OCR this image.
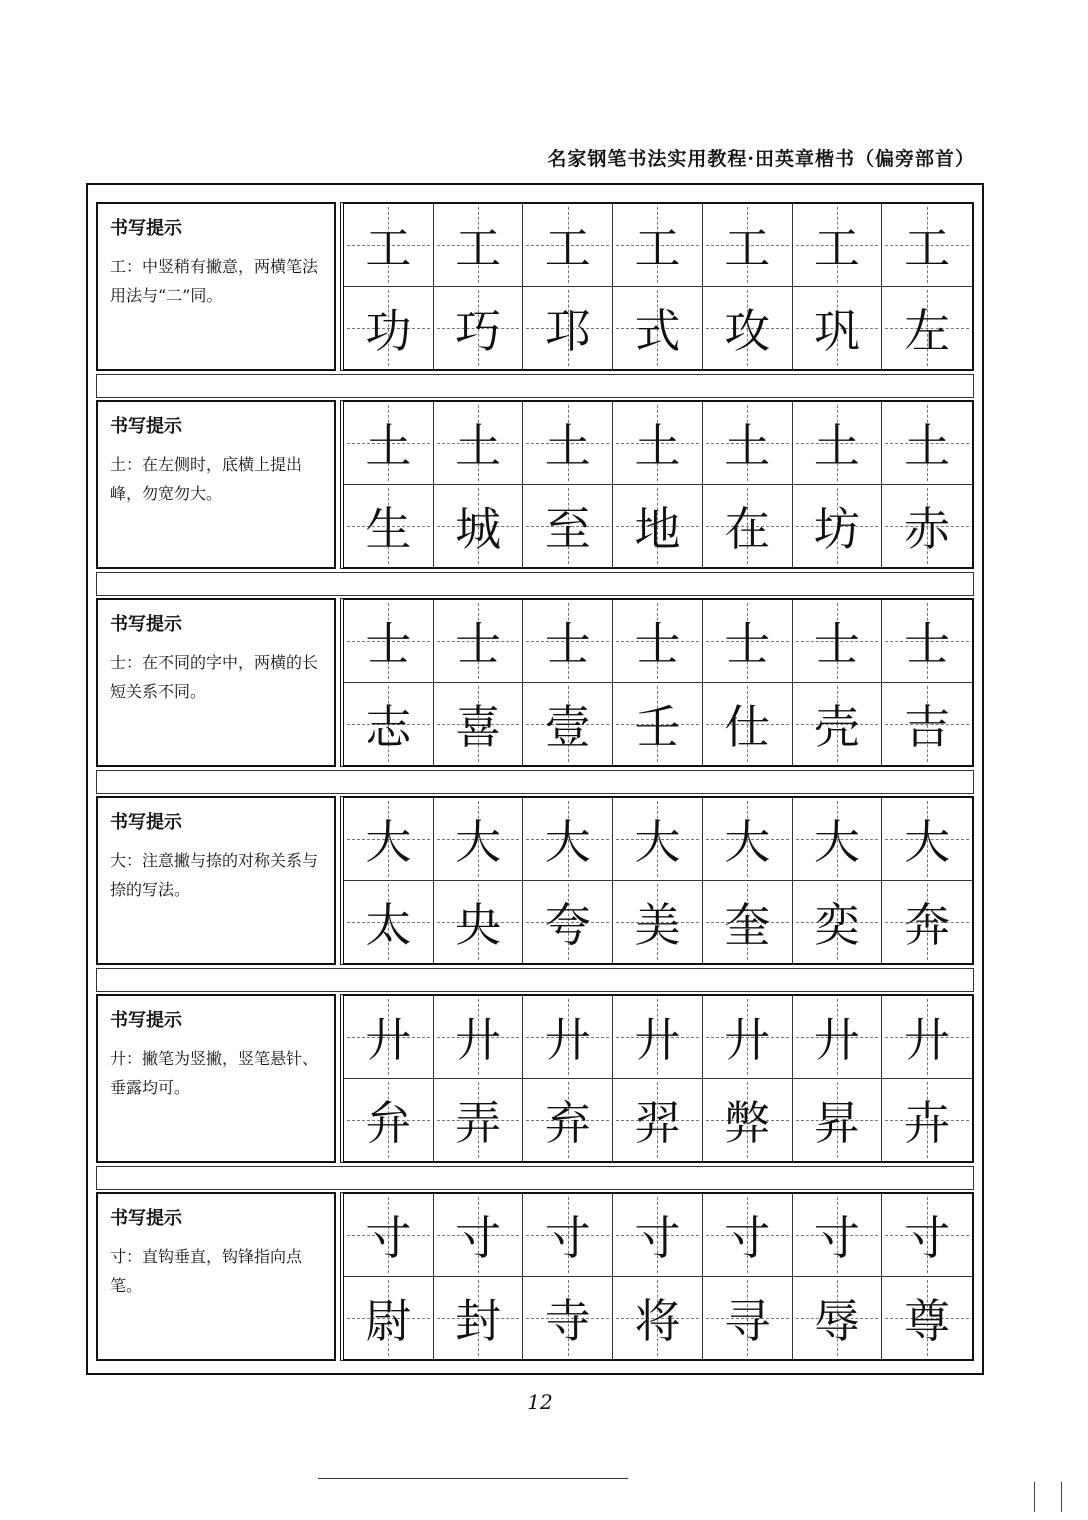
名家钢笔书法实用教程·田英章楷书（偏旁部首）
书写提示
工：中竖稍有撇意，两横笔法用法与“二”同。
工 工 工 工 工 工 工
功 巧 邛 式 攻 巩 左
书写提示
土：在左侧时，底横上提出峰，勿宽勿大。
土 土 土 土 土 土 土
生 城 至 地 在 坊 赤
书写提示
士：在不同的字中，两横的长短关系不同。
士 士 士 士 士 士 士
志 喜 壹 壬 仕 壳 吉
书写提示
大：注意撇与捺的对称关系与捺的写法。
大 大 大 大 大 大 大
太 央 夸 美 奎 奕 奔
书写提示
廾：撇笔为竖撇，竖笔悬针、垂露均可。
廾 廾 廾 廾 廾 廾 廾
弁 弄 弃 羿 弊 昇 卉
书写提示
寸：直钩垂直，钩锋指向点笔。
寸 寸 寸 寸 寸 寸 寸
尉 封 寺 将 寻 辱 尊
12
